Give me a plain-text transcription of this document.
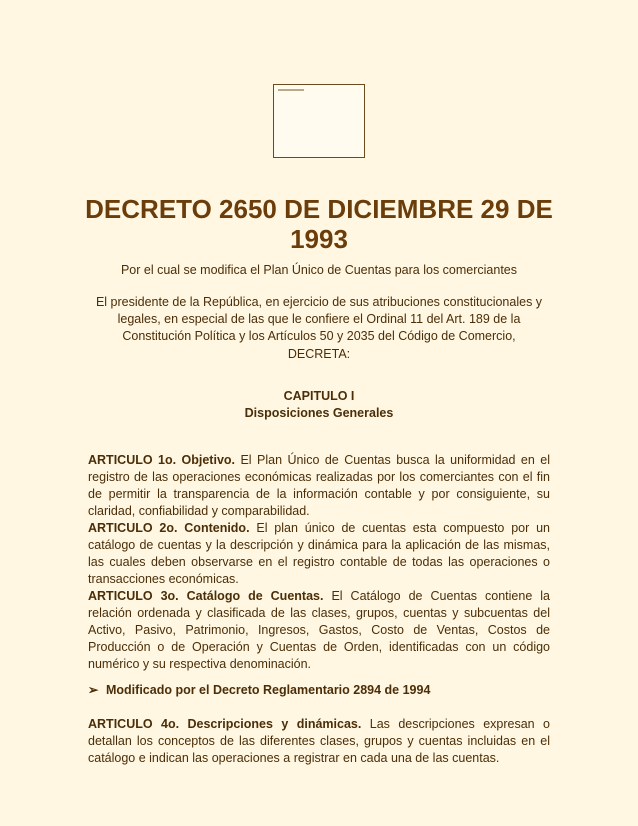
DECRETO 2650 DE DICIEMBRE 29 DE 1993

Por el cual se modifica el Plan Único de Cuentas para los comerciantes

El presidente de la República, en ejercicio de sus atribuciones constitucionales y legales, en especial de las que le confiere el Ordinal 11 del Art. 189 de la Constitución Política y los Artículos 50 y 2035 del Código de Comercio,

DECRETA:

CAPITULO I
Disposiciones Generales

ARTICULO 1o. Objetivo. El Plan Único de Cuentas busca la uniformidad en el registro de las operaciones económicas realizadas por los comerciantes con el fin de permitir la transparencia de la información contable y por consiguiente, su claridad, confiabilidad y comparabilidad.

ARTICULO 2o. Contenido. El plan único de cuentas esta compuesto por un catálogo de cuentas y la descripción y dinámica para la aplicación de las mismas, las cuales deben observarse en el registro contable de todas las operaciones o transacciones económicas.

ARTICULO 3o. Catálogo de Cuentas. El Catálogo de Cuentas contiene la relación ordenada y clasificada de las clases, grupos, cuentas y subcuentas del Activo, Pasivo, Patrimonio, Ingresos, Gastos, Costo de Ventas, Costos de Producción o de Operación y Cuentas de Orden, identificadas con un código numérico y su respectiva denominación.

➢ Modificado por el Decreto Reglamentario 2894 de 1994

ARTICULO 4o. Descripciones y dinámicas. Las descripciones expresan o detallan los conceptos de las diferentes clases, grupos y cuentas incluidas en el catálogo e indican las operaciones a registrar en cada una de las cuentas.
